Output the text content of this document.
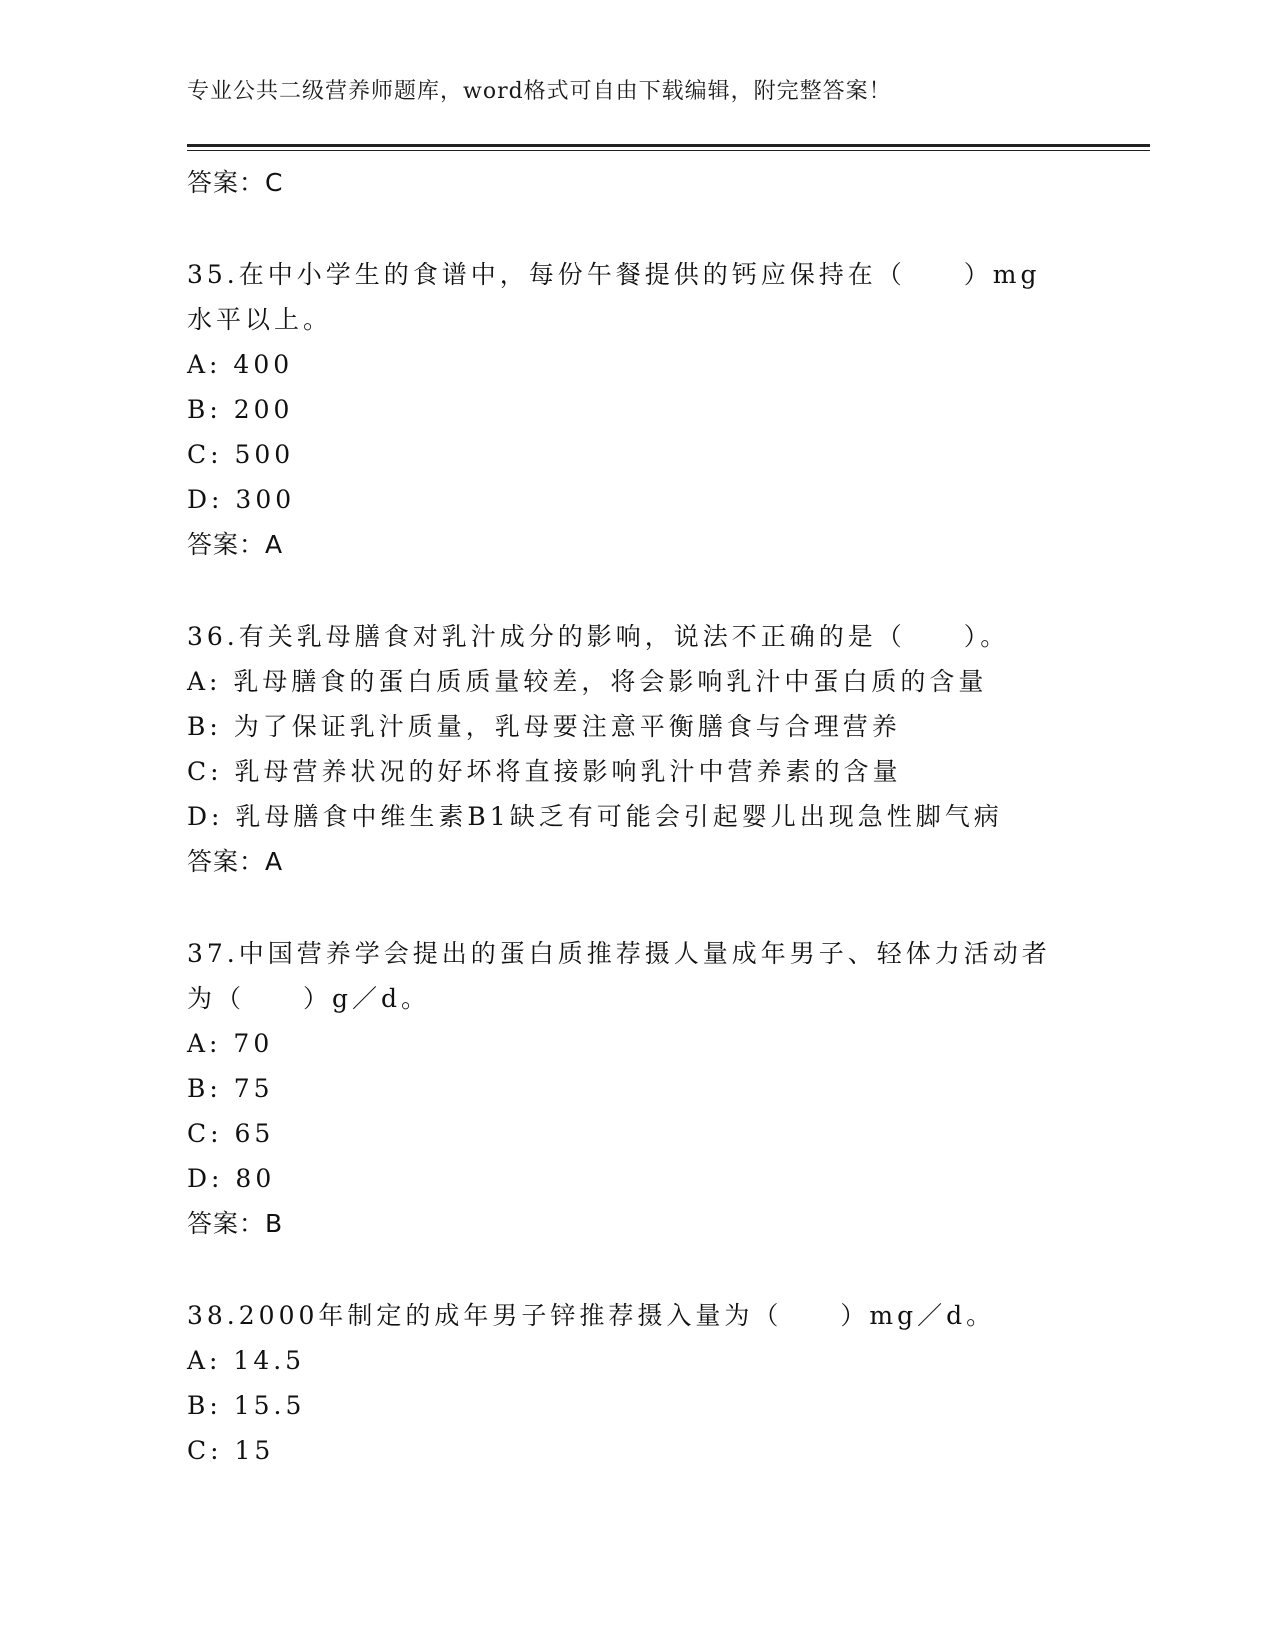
专业公共二级营养师题库，word格式可自由下载编辑，附完整答案！
答案：C
35.在中小学生的食谱中，每份午餐提供的钙应保持在（　　）mg水平以上。
A: 400
B: 200
C: 500
D: 300
答案：A
36.有关乳母膳食对乳汁成分的影响，说法不正确的是（　　）。
A: 乳母膳食的蛋白质质量较差，将会影响乳汁中蛋白质的含量
B: 为了保证乳汁质量，乳母要注意平衡膳食与合理营养
C: 乳母营养状况的好坏将直接影响乳汁中营养素的含量
D: 乳母膳食中维生素B1缺乏有可能会引起婴儿出现急性脚气病
答案：A
37.中国营养学会提出的蛋白质推荐摄人量成年男子、轻体力活动者为（　　）g／d。
A: 70
B: 75
C: 65
D: 80
答案：B
38.2000年制定的成年男子锌推荐摄入量为（　　）mg／d。
A: 14.5
B: 15.5
C: 15
